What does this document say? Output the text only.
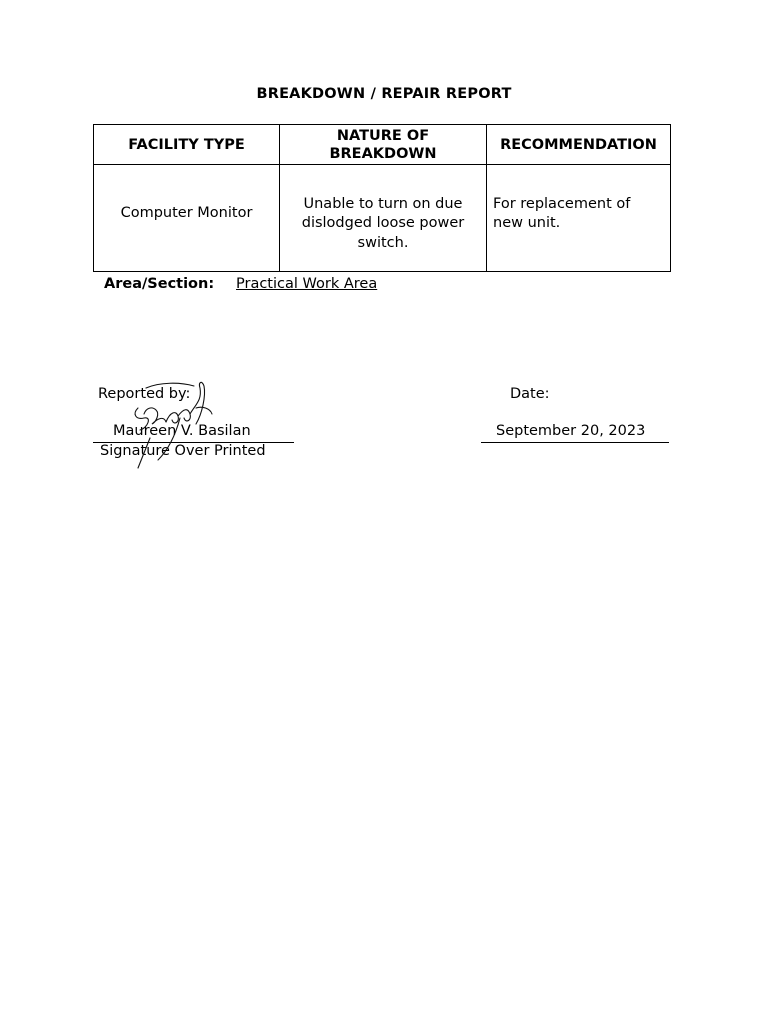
BREAKDOWN / REPAIR REPORT
FACILITY TYPE	NATURE OF BREAKDOWN	RECOMMENDATION
Computer Monitor	Unable to turn on due dislodged loose power switch.	For replacement of new unit.
Area/Section: Practical Work Area
Reported by:	Date:
Maureen V. Basilan
Signature Over Printed
September 20, 2023
